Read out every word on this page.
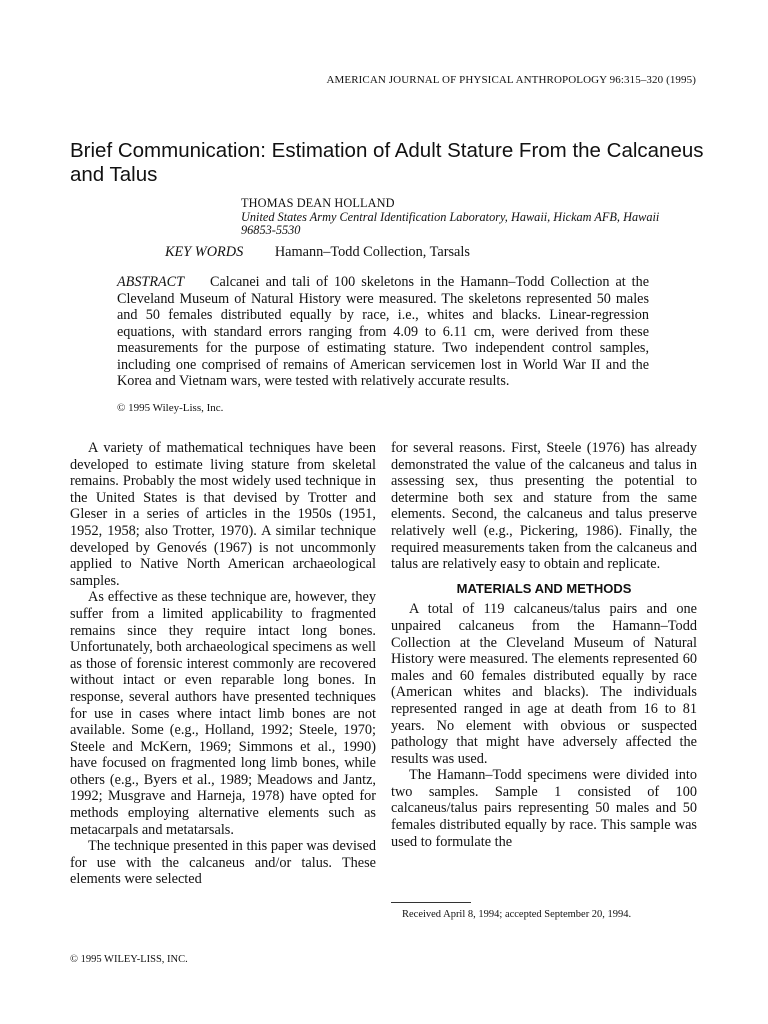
AMERICAN JOURNAL OF PHYSICAL ANTHROPOLOGY 96:315–320 (1995)
Brief Communication: Estimation of Adult Stature From the Calcaneus and Talus
THOMAS DEAN HOLLAND
United States Army Central Identification Laboratory, Hawaii, Hickam AFB, Hawaii 96853-5530
KEY WORDS Hamann–Todd Collection, Tarsals
ABSTRACT Calcanei and tali of 100 skeletons in the Hamann–Todd Collection at the Cleveland Museum of Natural History were measured. The skeletons represented 50 males and 50 females distributed equally by race, i.e., whites and blacks. Linear-regression equations, with standard errors ranging from 4.09 to 6.11 cm, were derived from these measurements for the purpose of estimating stature. Two independent control samples, including one comprised of remains of American servicemen lost in World War II and the Korea and Vietnam wars, were tested with relatively accurate results.
© 1995 Wiley-Liss, Inc.

A variety of mathematical techniques have been developed to estimate living stature from skeletal remains. Probably the most widely used technique in the United States is that devised by Trotter and Gleser in a series of articles in the 1950s (1951, 1952, 1958; also Trotter, 1970). A similar technique developed by Genovés (1967) is not uncommonly applied to Native North American archaeological samples.

As effective as these technique are, however, they suffer from a limited applicability to fragmented remains since they require intact long bones. Unfortunately, both archaeological specimens as well as those of forensic interest commonly are recovered without intact or even reparable long bones. In response, several authors have presented techniques for use in cases where intact limb bones are not available. Some (e.g., Holland, 1992; Steele, 1970; Steele and McKern, 1969; Simmons et al., 1990) have focused on fragmented long limb bones, while others (e.g., Byers et al., 1989; Meadows and Jantz, 1992; Musgrave and Harneja, 1978) have opted for methods employing alternative elements such as metacarpals and metatarsals.

The technique presented in this paper was devised for use with the calcaneus and/or talus. These elements were selected

for several reasons. First, Steele (1976) has already demonstrated the value of the calcaneus and talus in assessing sex, thus presenting the potential to determine both sex and stature from the same elements. Second, the calcaneus and talus preserve relatively well (e.g., Pickering, 1986). Finally, the required measurements taken from the calcaneus and talus are relatively easy to obtain and replicate.

MATERIALS AND METHODS

A total of 119 calcaneus/talus pairs and one unpaired calcaneus from the Hamann–Todd Collection at the Cleveland Museum of Natural History were measured. The elements represented 60 males and 60 females distributed equally by race (American whites and blacks). The individuals represented ranged in age at death from 16 to 81 years. No element with obvious or suspected pathology that might have adversely affected the results was used.

The Hamann–Todd specimens were divided into two samples. Sample 1 consisted of 100 calcaneus/talus pairs representing 50 males and 50 females distributed equally by race. This sample was used to formulate the

Received April 8, 1994; accepted September 20, 1994.
© 1995 WILEY-LISS, INC.
